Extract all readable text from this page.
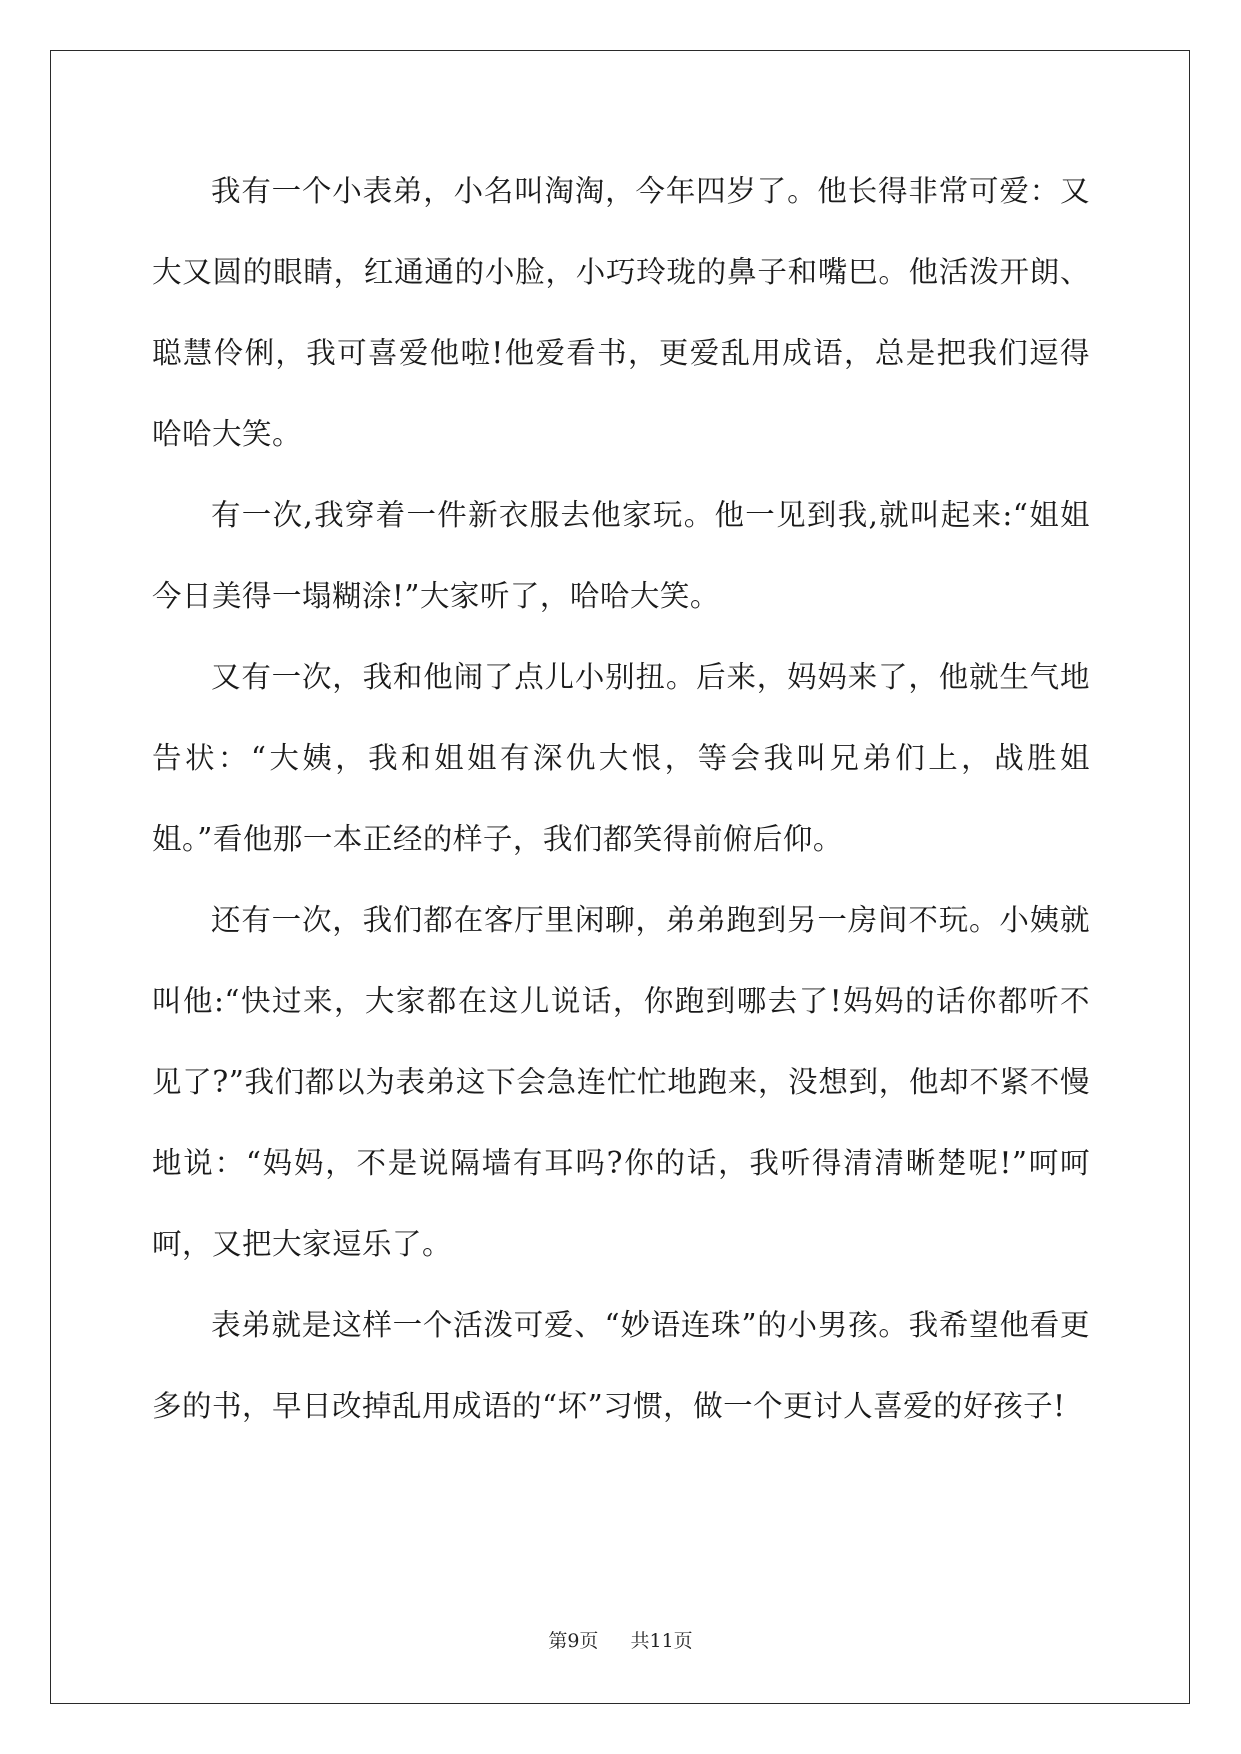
我有一个小表弟，小名叫淘淘，今年四岁了。他长得非常可爱：又大又圆的眼睛，红通通的小脸，小巧玲珑的鼻子和嘴巴。他活泼开朗、聪慧伶俐，我可喜爱他啦!他爱看书，更爱乱用成语，总是把我们逗得哈哈大笑。

有一次,我穿着一件新衣服去他家玩。他一见到我,就叫起来:“姐姐今日美得一塌糊涂!”大家听了，哈哈大笑。

又有一次，我和他闹了点儿小别扭。后来，妈妈来了，他就生气地告状：“大姨，我和姐姐有深仇大恨，等会我叫兄弟们上，战胜姐姐。”看他那一本正经的样子，我们都笑得前俯后仰。

还有一次，我们都在客厅里闲聊，弟弟跑到另一房间不玩。小姨就叫他:“快过来，大家都在这儿说话，你跑到哪去了!妈妈的话你都听不见了?”我们都以为表弟这下会急连忙忙地跑来，没想到，他却不紧不慢地说：“妈妈，不是说隔墙有耳吗?你的话，我听得清清晰楚呢!”呵呵呵，又把大家逗乐了。

表弟就是这样一个活泼可爱、“妙语连珠”的小男孩。我希望他看更多的书，早日改掉乱用成语的“坏”习惯，做一个更讨人喜爱的好孩子!

第9页 共11页
